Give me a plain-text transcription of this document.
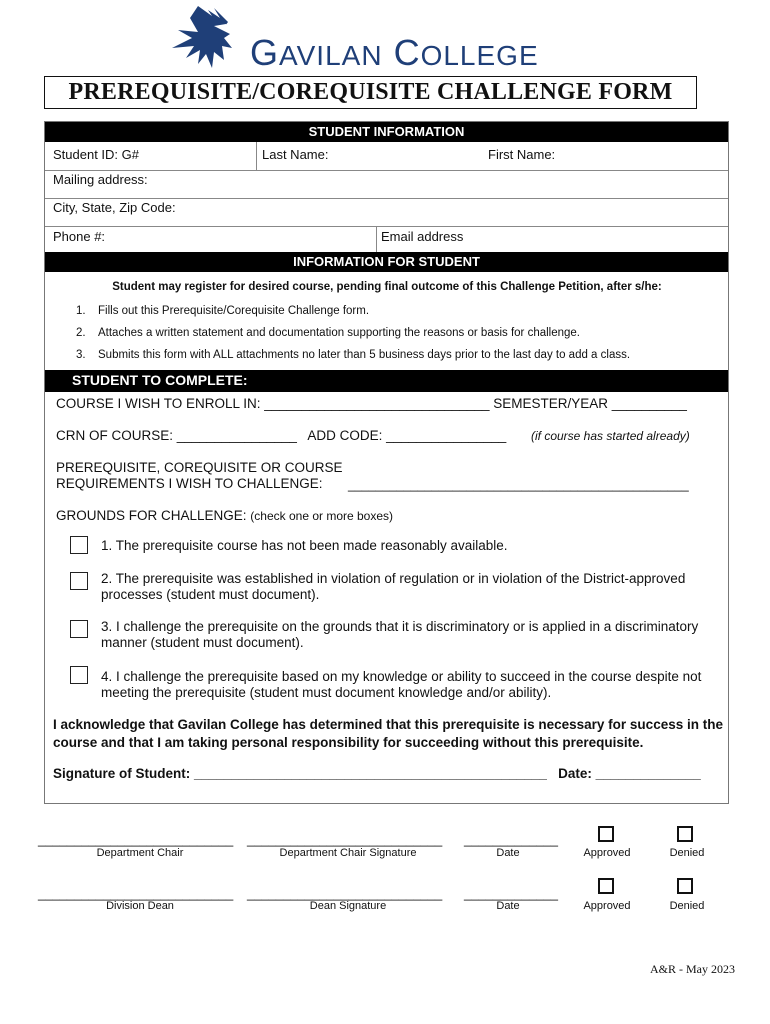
GAVILAN COLLEGE
PREREQUISITE/COREQUISITE CHALLENGE FORM
STUDENT INFORMATION
Student ID: G#	Last Name:	First Name:
Mailing address:
City, State, Zip Code:
Phone #:	Email address
INFORMATION FOR STUDENT
Student may register for desired course, pending final outcome of this Challenge Petition, after s/he:
1. Fills out this Prerequisite/Corequisite Challenge form.
2. Attaches a written statement and documentation supporting the reasons or basis for challenge.
3. Submits this form with ALL attachments no later than 5 business days prior to the last day to add a class.
STUDENT TO COMPLETE:
COURSE I WISH TO ENROLL IN: ______________________________ SEMESTER/YEAR __________
CRN OF COURSE: ________________   ADD CODE: ________________ (if course has started already)
PREREQUISITE, COREQUISITE OR COURSE
REQUIREMENTS I WISH TO CHALLENGE: _________________________________________________
GROUNDS FOR CHALLENGE: (check one or more boxes)
1. The prerequisite course has not been made reasonably available.
2. The prerequisite was established in violation of regulation or in violation of the District-approved processes (student must document).
3. I challenge the prerequisite on the grounds that it is discriminatory or is applied in a discriminatory manner (student must document).
4. I challenge the prerequisite based on my knowledge or ability to succeed in the course despite not meeting the prerequisite (student must document knowledge and/or ability).
I acknowledge that Gavilan College has determined that this prerequisite is necessary for success in the course and that I am taking personal responsibility for succeeding without this prerequisite.
Signature of Student: _______________________________________________   Date: ______________
___________________________ ___________________________ _____________
Department Chair	Department Chair Signature	Date	Approved	Denied
___________________________ ___________________________ _____________
Division Dean	Dean Signature	Date	Approved	Denied
A&R - May 2023
